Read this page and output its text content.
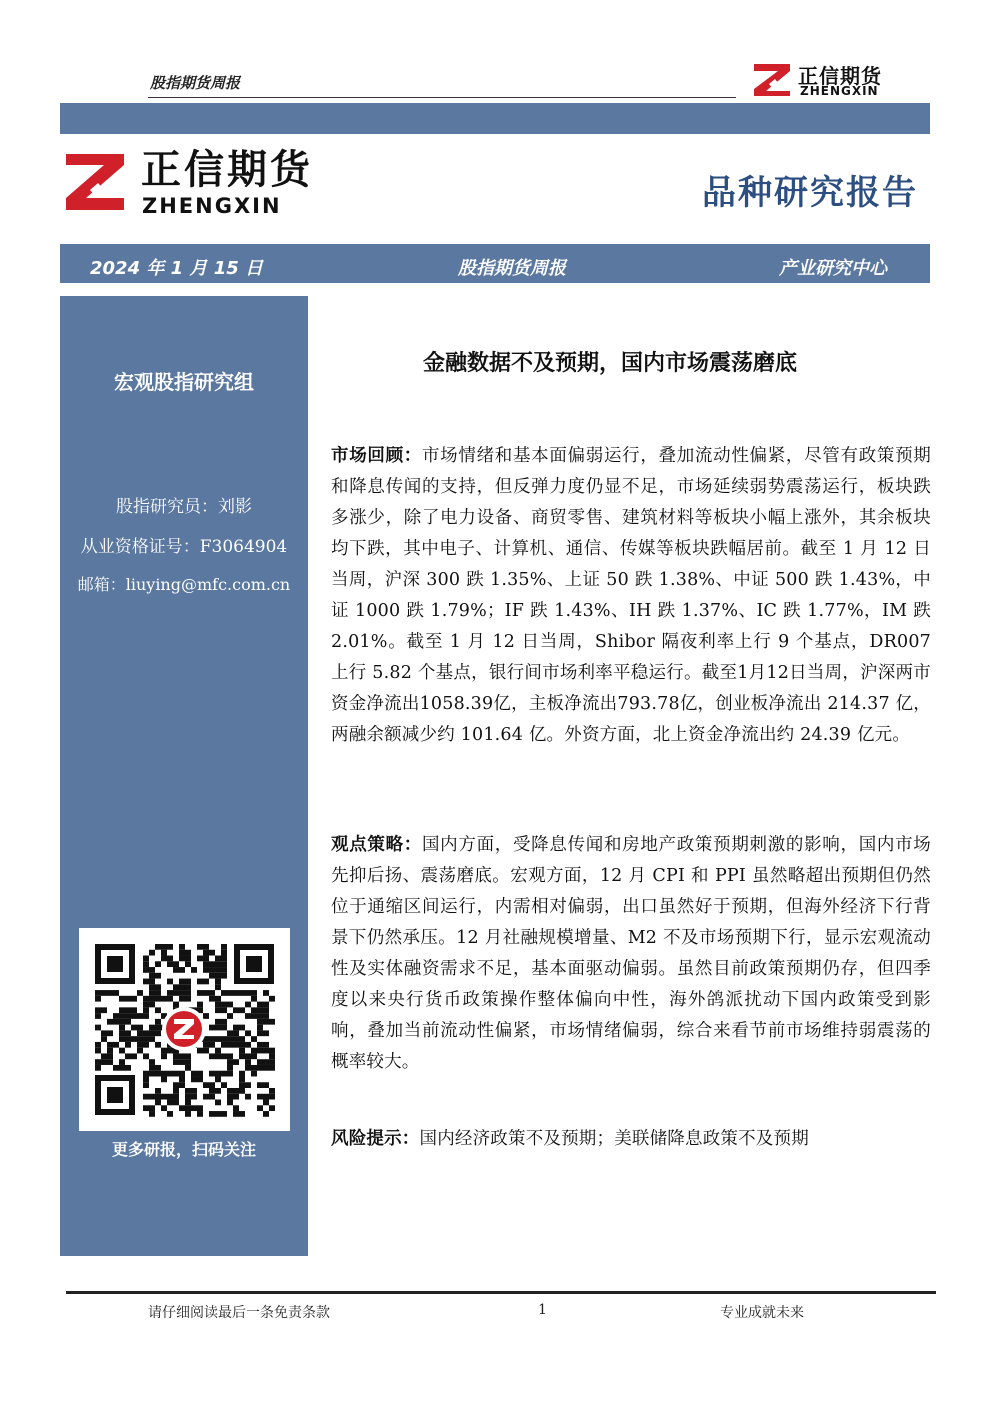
股指期货周报	正信期货
ZHENGXIN
正信期货
ZHENGXIN	品种研究报告
2024 年 1 月 15 日	股指期货周报	产业研究中心
宏观股指研究组
股指研究员：刘影
从业资格证号：F3064904
邮箱：liuying@mfc.com.cn
更多研报，扫码关注
金融数据不及预期，国内市场震荡磨底
市场回顾：市场情绪和基本面偏弱运行，叠加流动性偏紧，尽管有政策预期和降息传闻的支持，但反弹力度仍显不足，市场延续弱势震荡运行，板块跌多涨少，除了电力设备、商贸零售、建筑材料等板块小幅上涨外，其余板块均下跌，其中电子、计算机、通信、传媒等板块跌幅居前。截至 1 月 12 日当周，沪深 300 跌 1.35%、上证 50 跌 1.38%、中证 500 跌 1.43%，中证 1000 跌 1.79%；IF 跌 1.43%、IH 跌 1.37%、IC 跌 1.77%，IM 跌 2.01%。截至 1 月 12 日当周，Shibor 隔夜利率上行 9 个基点，DR007 上行 5.82 个基点，银行间市场利率平稳运行。截至1月12日当周，沪深两市资金净流出1058.39亿，主板净流出793.78亿，创业板净流出 214.37 亿，两融余额减少约 101.64 亿。外资方面，北上资金净流出约 24.39 亿元。
观点策略：国内方面，受降息传闻和房地产政策预期刺激的影响，国内市场先抑后扬、震荡磨底。宏观方面，12 月 CPI 和 PPI 虽然略超出预期但仍然位于通缩区间运行，内需相对偏弱，出口虽然好于预期，但海外经济下行背景下仍然承压。12 月社融规模增量、M2 不及市场预期下行，显示宏观流动性及实体融资需求不足，基本面驱动偏弱。虽然目前政策预期仍存，但四季度以来央行货币政策操作整体偏向中性，海外鸽派扰动下国内政策受到影响，叠加当前流动性偏紧，市场情绪偏弱，综合来看节前市场维持弱震荡的概率较大。
风险提示：国内经济政策不及预期；美联储降息政策不及预期
请仔细阅读最后一条免责条款	1	专业成就未来
